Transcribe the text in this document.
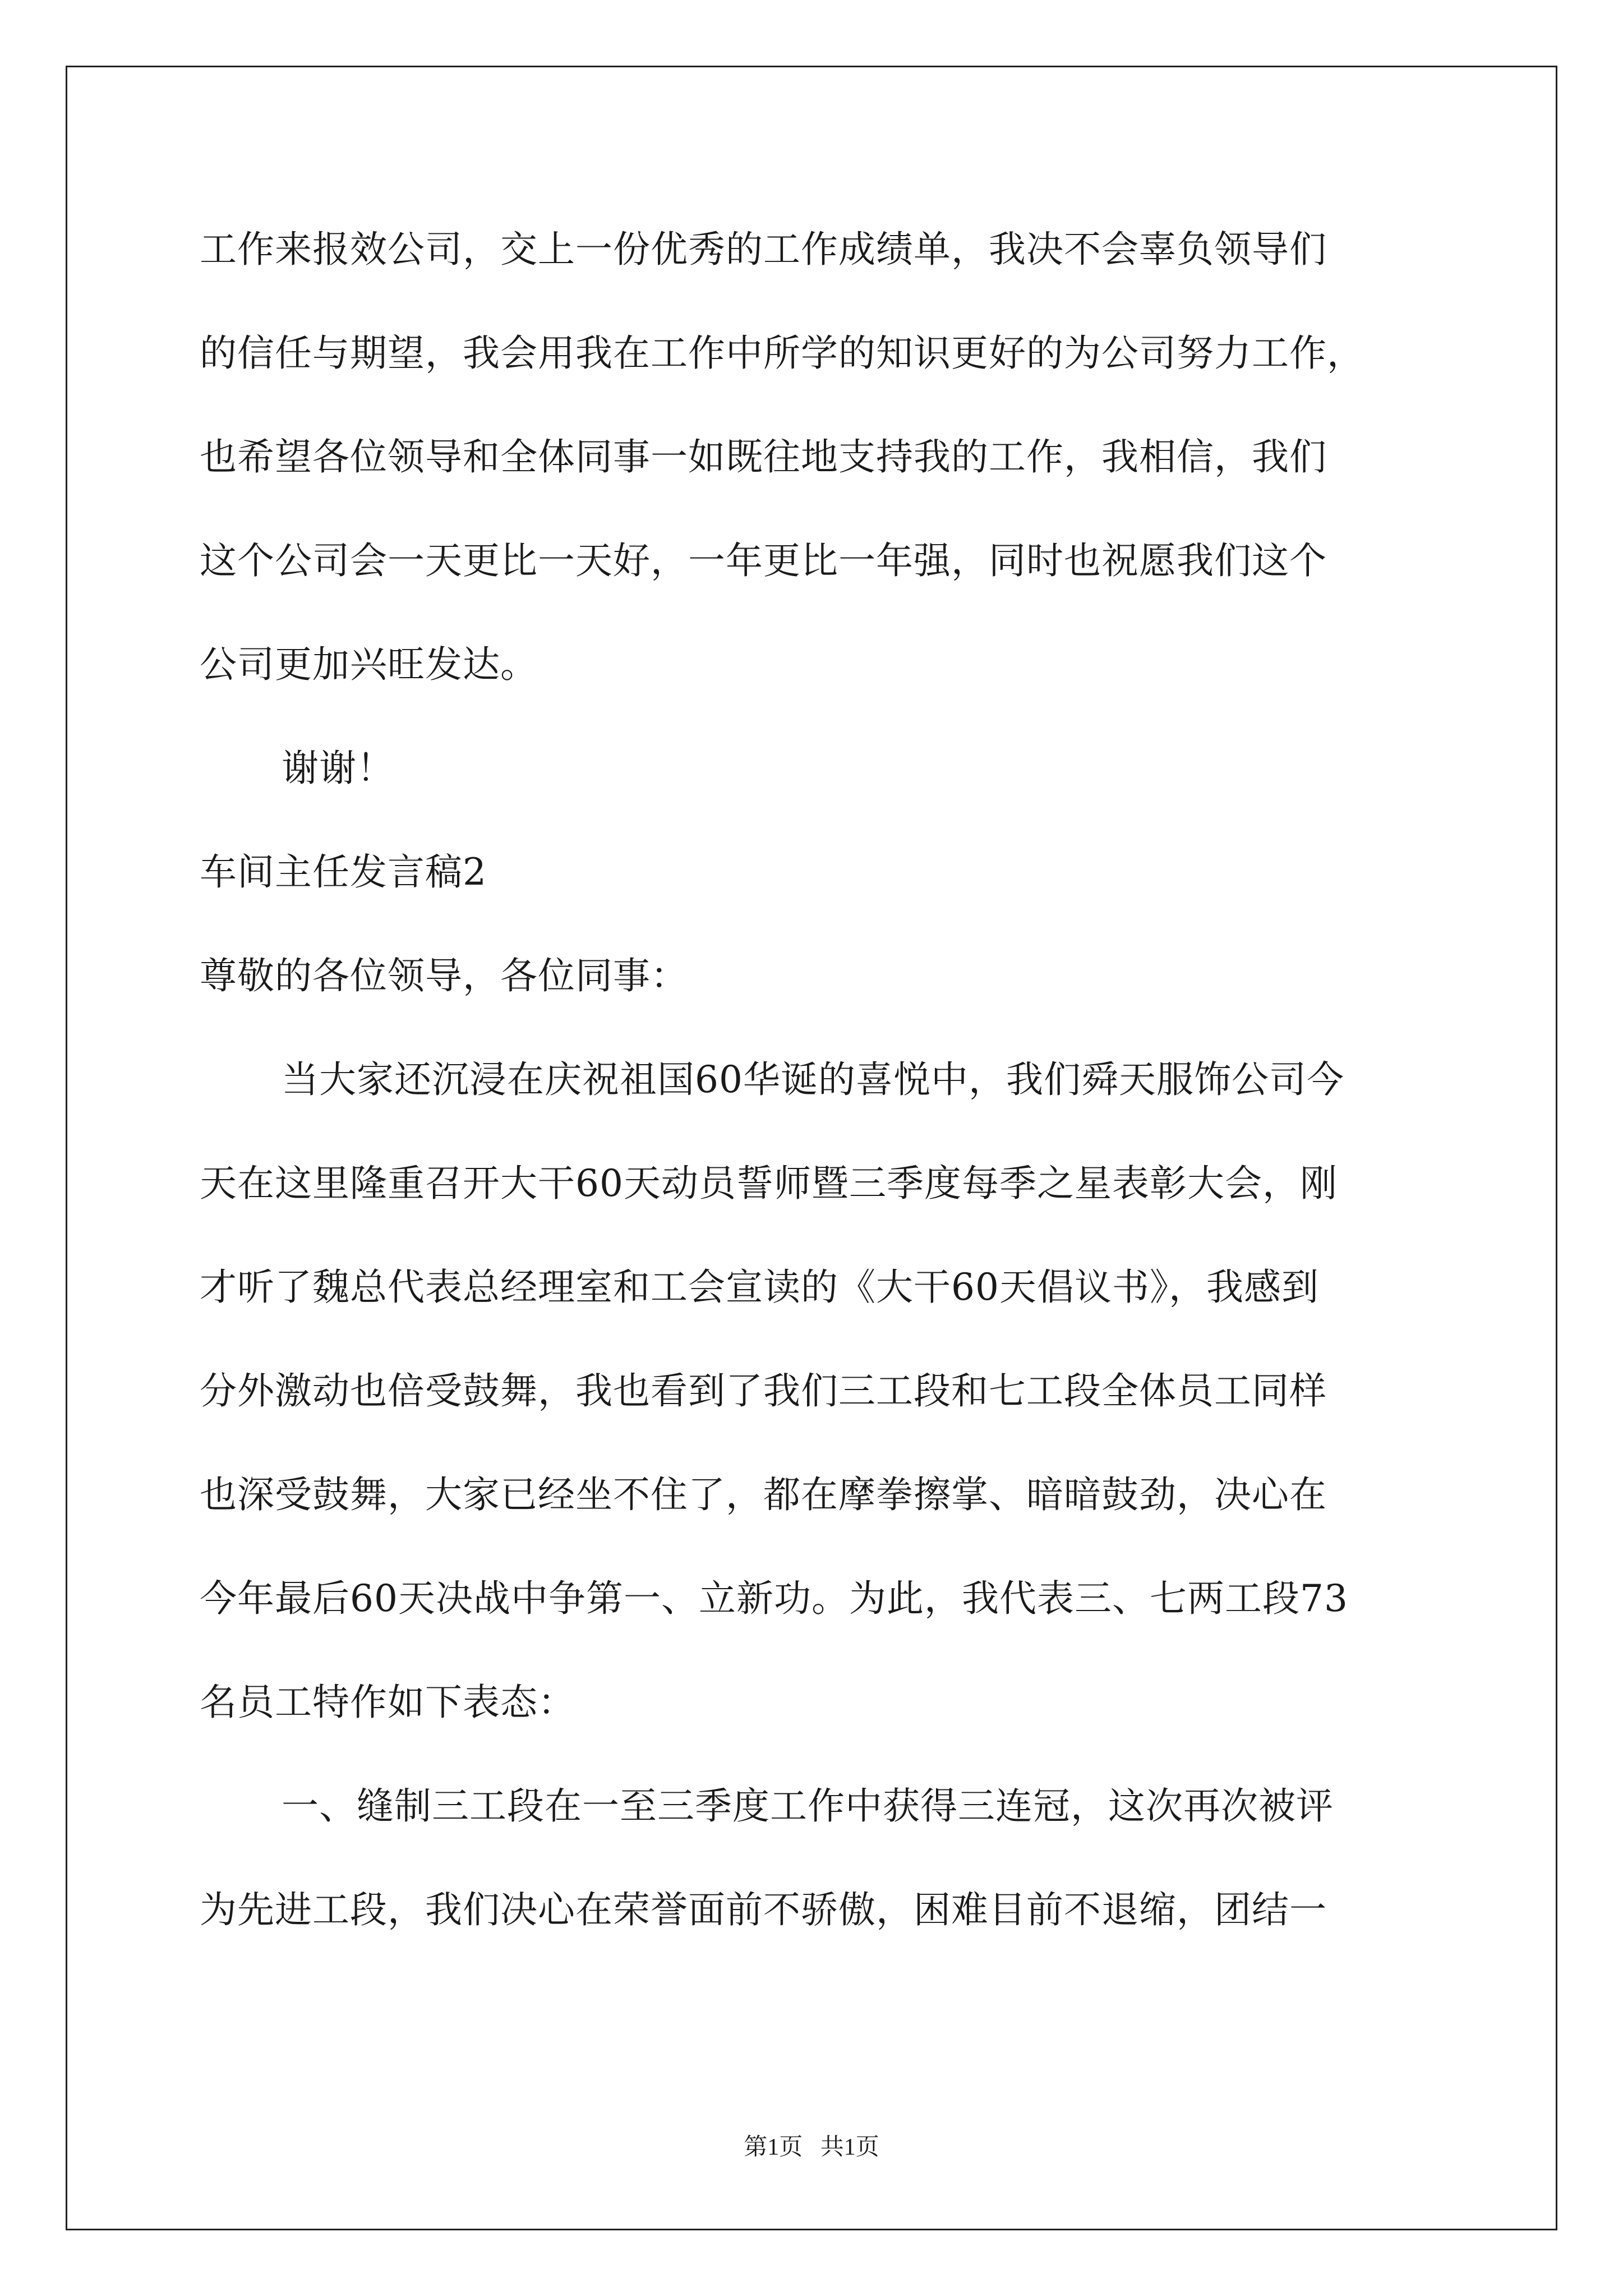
工作来报效公司，交上一份优秀的工作成绩单，我决不会辜负领导们
的信任与期望，我会用我在工作中所学的知识更好的为公司努力工作，
也希望各位领导和全体同事一如既往地支持我的工作，我相信，我们
这个公司会一天更比一天好，一年更比一年强，同时也祝愿我们这个
公司更加兴旺发达。
谢谢！
车间主任发言稿2
尊敬的各位领导，各位同事：
当大家还沉浸在庆祝祖国60华诞的喜悦中，我们舜天服饰公司今
天在这里隆重召开大干60天动员誓师暨三季度每季之星表彰大会，刚
才听了魏总代表总经理室和工会宣读的《大干60天倡议书》，我感到
分外激动也倍受鼓舞，我也看到了我们三工段和七工段全体员工同样
也深受鼓舞，大家已经坐不住了，都在摩拳擦掌、暗暗鼓劲，决心在
今年最后60天决战中争第一、立新功。为此，我代表三、七两工段73
名员工特作如下表态：
一、缝制三工段在一至三季度工作中获得三连冠，这次再次被评
为先进工段，我们决心在荣誉面前不骄傲，困难目前不退缩，团结一
第1页   共1页
